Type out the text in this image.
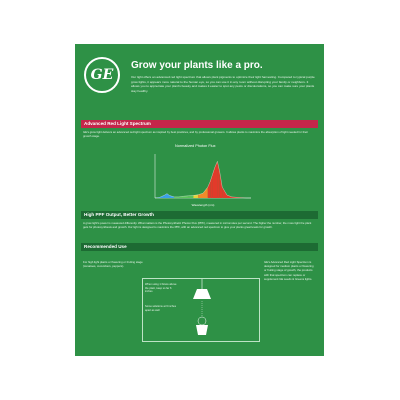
GE
Grow your plants like a pro.
Our light offers an advanced red light spectrum that allows plant pigments to optimize their light harvesting. Compared to typical purple grow lights, it appears more natural to the human eye, so you can use it in any room without disrupting your family or neighbors. It allows you to appreciate your plant's beauty and makes it easier to spot any pests or discolorations, so you can make sure your plants stay healthy.
Advanced Red Light Spectrum
GE's grow light delivers an advanced red light spectrum as inspired by best practices, and by professional growers. It allows plants to maximize the absorption of light needed for their growth stage.
Normalized Photon Flux
Wavelength (nm)
High PPF Output, Better Growth
A grow light's power is measured differently. What matters is the Photosynthetic Photon Flux (PPF), measured in micromoles per second. The higher the number, the more light the plant gets for photosynthesis and growth. Our light is designed to maximize the PPF, with an advanced red spectrum to give your plants great levels for growth.
Recommended Use
For high light plants or flowering or fruiting stage (tomatoes, cucumbers, peppers).
When using 1 fixture above the plant, keep so far 6 inches
Some solutions at 6 inches apart as well
GE's Advanced Red Light Spectrum is designed for medium plants or flowering or fruiting stage of growth, the products with that spectrum can replace or supplement GE seeds & Greens lights.
